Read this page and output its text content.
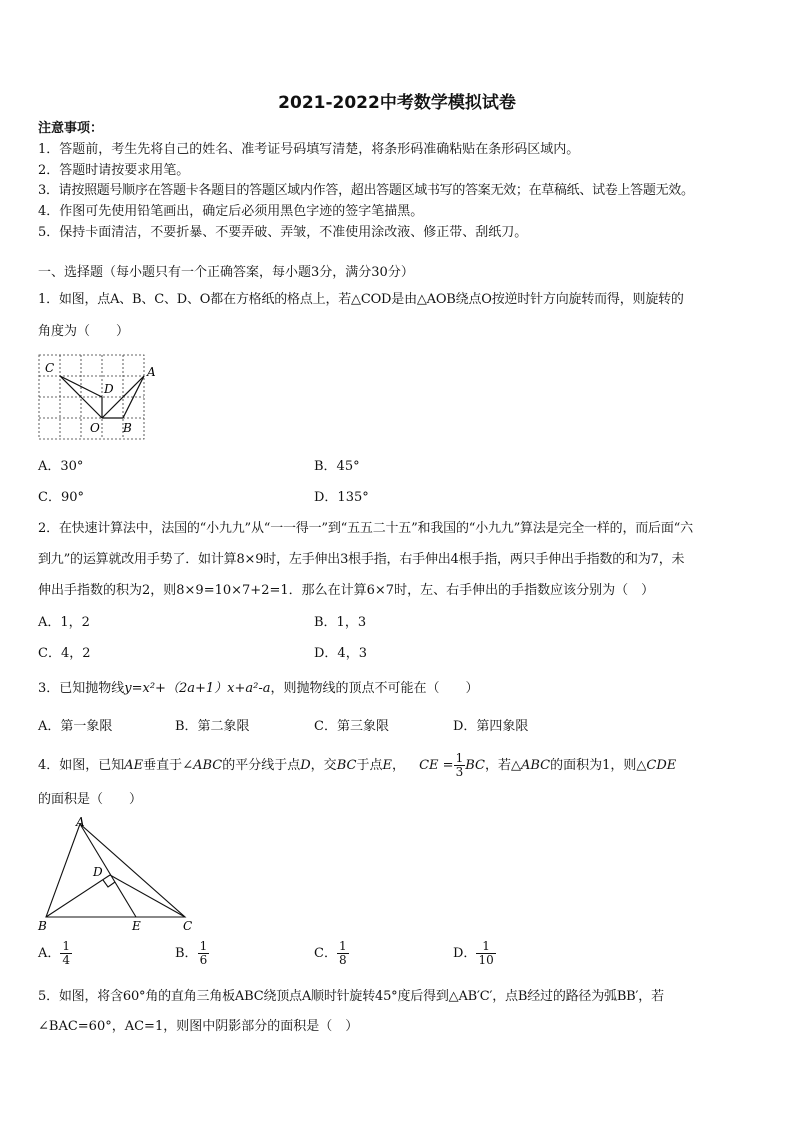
2021-2022中考数学模拟试卷
注意事项：
1．答题前，考生先将自己的姓名、准考证号码填写清楚，将条形码准确粘贴在条形码区域内。
2．答题时请按要求用笔。
3．请按照题号顺序在答题卡各题目的答题区域内作答，超出答题区域书写的答案无效；在草稿纸、试卷上答题无效。
4．作图可先使用铅笔画出，确定后必须用黑色字迹的签字笔描黑。
5．保持卡面清洁，不要折暴、不要弄破、弄皱，不准使用涂改液、修正带、刮纸刀。
一、选择题（每小题只有一个正确答案，每小题3分，满分30分）
1．如图，点A、B、C、D、O都在方格纸的格点上，若△COD是由△AOB绕点O按逆时针方向旋转而得，则旋转的
角度为（　　）
C	A
D
O B
A．30°	B．45°
C．90°	D．135°
2．在快速计算法中，法国的“小九九”从“一一得一”到“五五二十五”和我国的“小九九”算法是完全一样的，而后面“六
到九”的运算就改用手势了．如计算8×9时，左手伸出3根手指，右手伸出4根手指，两只手伸出手指数的和为7，未
伸出手指数的积为2，则8×9=10×7+2=1．那么在计算6×7时，左、右手伸出的手指数应该分别为（　）
A．1，2	B．1，3
C．4，2	D．4，3
3．已知抛物线y=x²+（2a+1）x+a²-a，则抛物线的顶点不可能在（　　）
A．第一象限	B．第二象限	C．第三象限	D．第四象限
4．如图，已知AE垂直于∠ABC的平分线于点D，交BC于点E， CE = $\frac{1}{3}$ BC，若△ABC的面积为1，则△CDE
的面积是（　　）
A
D
B	E	C
A． $\frac{1}{4}$	B． $\frac{1}{6}$	C． $\frac{1}{8}$	D． $\frac{1}{10}$
5．如图，将含60°角的直角三角板ABC绕顶点A顺时针旋转45°度后得到△AB′C′，点B经过的路径为弧BB′，若
∠BAC=60°，AC=1，则图中阴影部分的面积是（　）
